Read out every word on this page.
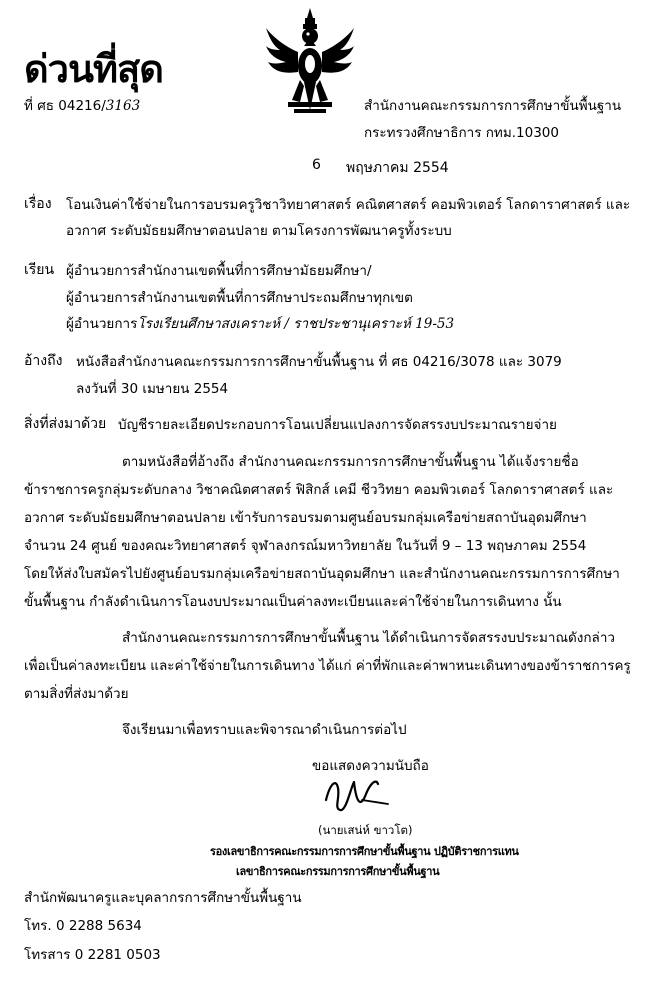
ด่วนที่สุด
ที่ ศธ 04216/3163	สำนักงานคณะกรรมการการศึกษาขั้นพื้นฐาน
กระทรวงศึกษาธิการ กทม.10300
6 พฤษภาคม 2554
เรื่อง โอนเงินค่าใช้จ่ายในการอบรมครูวิชาวิทยาศาสตร์ คณิตศาสตร์ คอมพิวเตอร์ โลกดาราศาสตร์ และ
อวกาศ ระดับมัธยมศึกษาตอนปลาย ตามโครงการพัฒนาครูทั้งระบบ
เรียน ผู้อำนวยการสำนักงานเขตพื้นที่การศึกษามัธยมศึกษา/
ผู้อำนวยการสำนักงานเขตพื้นที่การศึกษาประถมศึกษาทุกเขต
ผู้อำนวยการโรงเรียนศึกษาสงเคราะห์ / ราชประชานุเคราะห์ 19-53
อ้างถึง หนังสือสำนักงานคณะกรรมการการศึกษาขั้นพื้นฐาน ที่ ศธ 04216/3078 และ 3079
ลงวันที่ 30 เมษายน 2554
สิ่งที่ส่งมาด้วย บัญชีรายละเอียดประกอบการโอนเปลี่ยนแปลงการจัดสรรงบประมาณรายจ่าย
ตามหนังสือที่อ้างถึง สำนักงานคณะกรรมการการศึกษาขั้นพื้นฐาน ได้แจ้งรายชื่อ
ข้าราชการครูกลุ่มระดับกลาง วิชาคณิตศาสตร์ ฟิสิกส์ เคมี ชีววิทยา คอมพิวเตอร์ โลกดาราศาสตร์ และ
อวกาศ ระดับมัธยมศึกษาตอนปลาย เข้ารับการอบรมตามศูนย์อบรมกลุ่มเครือข่ายสถาบันอุดมศึกษา
จำนวน 24 ศูนย์ ของคณะวิทยาศาสตร์ จุฬาลงกรณ์มหาวิทยาลัย ในวันที่ 9 – 13 พฤษภาคม 2554
โดยให้ส่งใบสมัครไปยังศูนย์อบรมกลุ่มเครือข่ายสถาบันอุดมศึกษา และสำนักงานคณะกรรมการการศึกษา
ขั้นพื้นฐาน กำลังดำเนินการโอนงบประมาณเป็นค่าลงทะเบียนและค่าใช้จ่ายในการเดินทาง นั้น
สำนักงานคณะกรรมการการศึกษาขั้นพื้นฐาน ได้ดำเนินการจัดสรรงบประมาณดังกล่าว
เพื่อเป็นค่าลงทะเบียน และค่าใช้จ่ายในการเดินทาง ได้แก่ ค่าที่พักและค่าพาหนะเดินทางของข้าราชการครู
ตามสิ่งที่ส่งมาด้วย
จึงเรียนมาเพื่อทราบและพิจารณาดำเนินการต่อไป
ขอแสดงความนับถือ
(นายเสน่ห์ ขาวโต)
รองเลขาธิการคณะกรรมการการศึกษาขั้นพื้นฐาน ปฏิบัติราชการแทน
เลขาธิการคณะกรรมการการศึกษาขั้นพื้นฐาน
สำนักพัฒนาครูและบุคลากรการศึกษาขั้นพื้นฐาน
โทร. 0 2288 5634
โทรสาร 0 2281 0503
